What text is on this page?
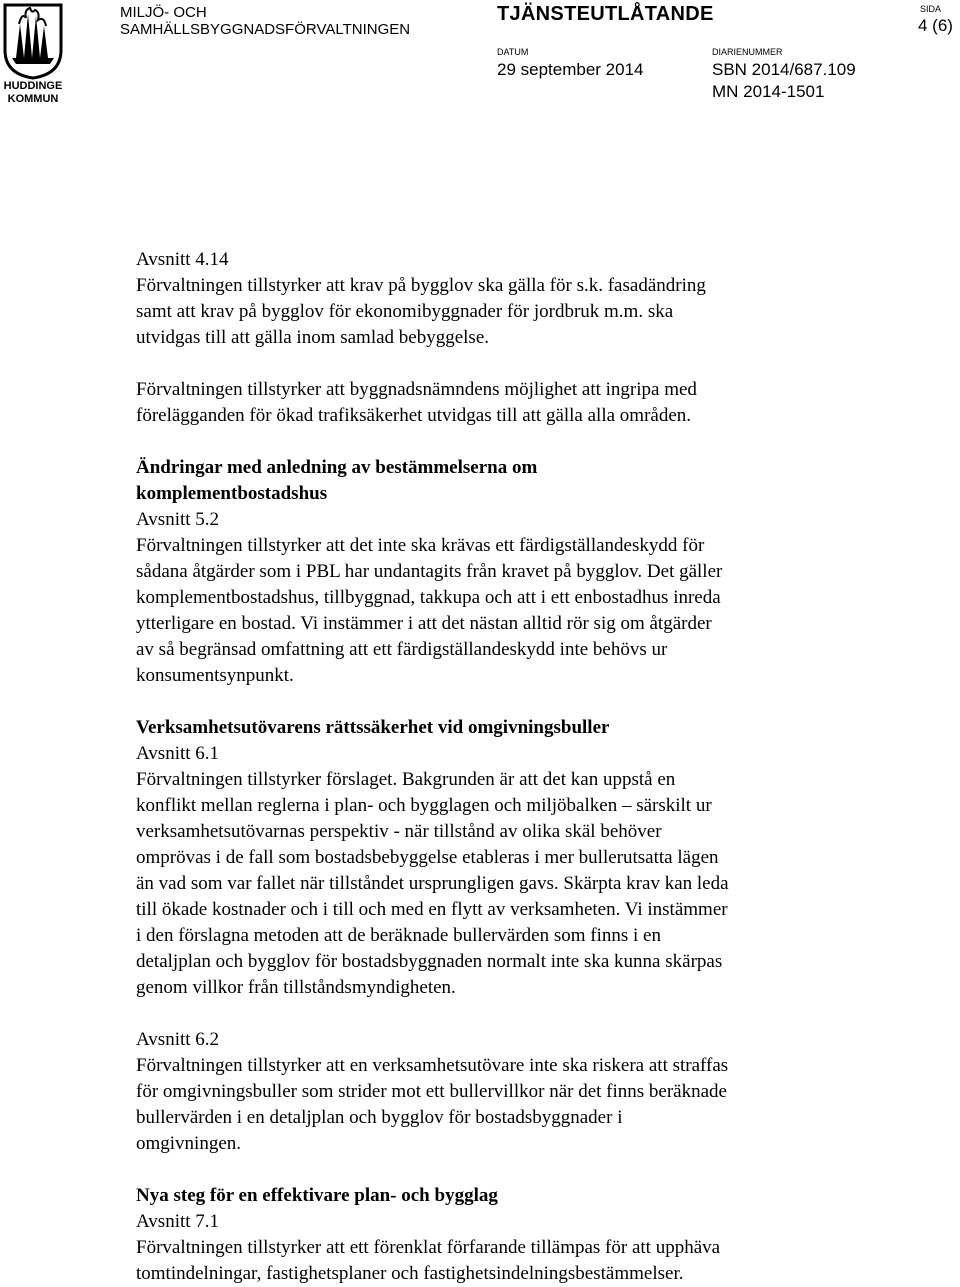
HUDDINGE KOMMUN
MILJÖ- OCH
SAMHÄLLSBYGGNADSFÖRVALTNINGEN
TJÄNSTEUTLÅTANDE	SIDA
4 (6)
DATUM
29 september 2014
DIARIENUMMER
SBN 2014/687.109
MN 2014-1501

Avsnitt 4.14

Förvaltningen tillstyrker att krav på bygglov ska gälla för s.k. fasadändring

samt att krav på bygglov för ekonomibyggnader för jordbruk m.m. ska

utvidgas till att gälla inom samlad bebyggelse.

Förvaltningen tillstyrker att byggnadsnämndens möjlighet att ingripa med

förelägganden för ökad trafiksäkerhet utvidgas till att gälla alla områden.

Ändringar med anledning av bestämmelserna om

komplementbostadshus

Avsnitt 5.2

Förvaltningen tillstyrker att det inte ska krävas ett färdigställandeskydd för

sådana åtgärder som i PBL har undantagits från kravet på bygglov. Det gäller

komplementbostadshus, tillbyggnad, takkupa och att i ett enbostadhus inreda

ytterligare en bostad. Vi instämmer i att det nästan alltid rör sig om åtgärder

av så begränsad omfattning att ett färdigställandeskydd inte behövs ur

konsumentsynpunkt.

Verksamhetsutövarens rättssäkerhet vid omgivningsbuller

Avsnitt 6.1

Förvaltningen tillstyrker förslaget. Bakgrunden är att det kan uppstå en

konflikt mellan reglerna i plan- och bygglagen och miljöbalken – särskilt ur

verksamhetsutövarnas perspektiv - när tillstånd av olika skäl behöver

omprövas i de fall som bostadsbebyggelse etableras i mer bullerutsatta lägen

än vad som var fallet när tillståndet ursprungligen gavs. Skärpta krav kan leda

till ökade kostnader och i till och med en flytt av verksamheten. Vi instämmer

i den förslagna metoden att de beräknade bullervärden som finns i en

detaljplan och bygglov för bostadsbyggnaden normalt inte ska kunna skärpas

genom villkor från tillståndsmyndigheten.

Avsnitt 6.2

Förvaltningen tillstyrker att en verksamhetsutövare inte ska riskera att straffas

för omgivningsbuller som strider mot ett bullervillkor när det finns beräknade

bullervärden i en detaljplan och bygglov för bostadsbyggnader i

omgivningen.

Nya steg för en effektivare plan- och bygglag

Avsnitt 7.1

Förvaltningen tillstyrker att ett förenklat förfarande tillämpas för att upphäva

tomtindelningar, fastighetsplaner och fastighetsindelningsbestämmelser.
